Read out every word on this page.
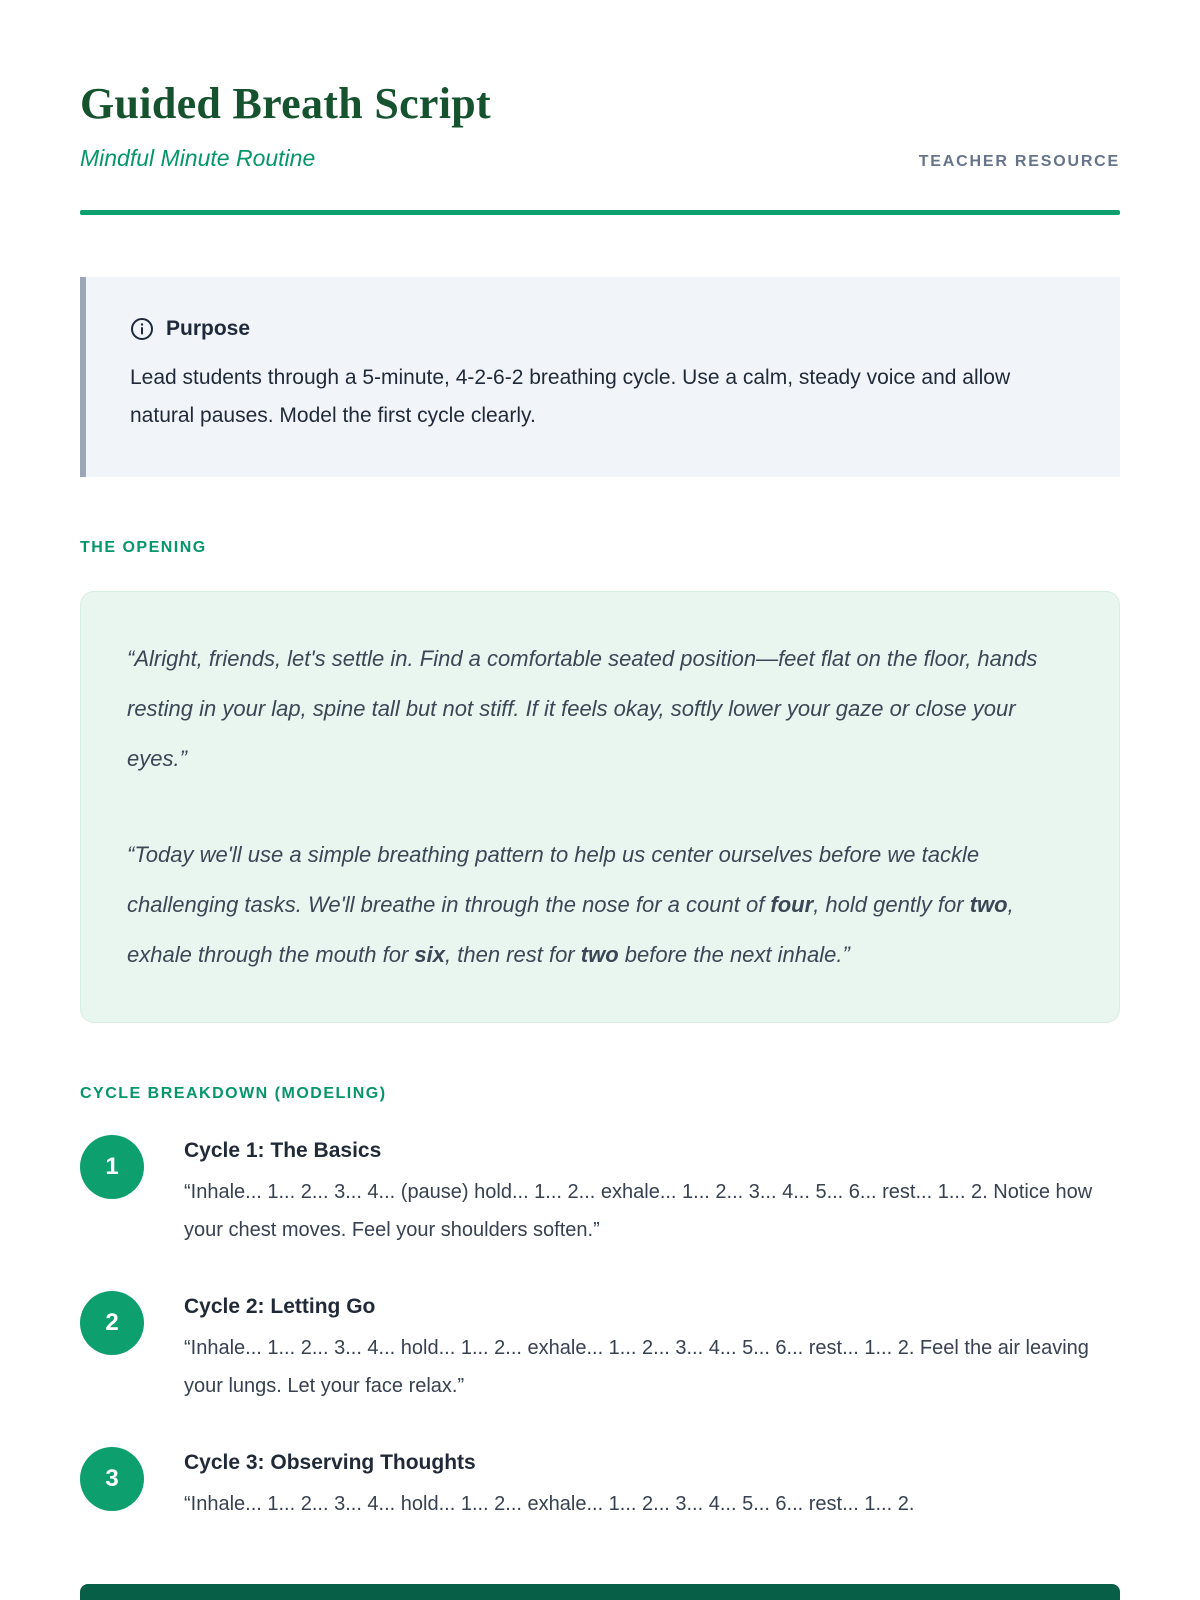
Guided Breath Script
Mindful Minute Routine	TEACHER RESOURCE
Purpose
Lead students through a 5-minute, 4-2-6-2 breathing cycle. Use a calm, steady voice and allow natural pauses. Model the first cycle clearly.
THE OPENING

“Alright, friends, let's settle in. Find a comfortable seated position—feet flat on the floor, hands resting in your lap, spine tall but not stiff. If it feels okay, softly lower your gaze or close your eyes.”

“Today we'll use a simple breathing pattern to help us center ourselves before we tackle challenging tasks. We'll breathe in through the nose for a count of four, hold gently for two, exhale through the mouth for six, then rest for two before the next inhale.”

CYCLE BREAKDOWN (MODELING)
1
Cycle 1: The Basics
“Inhale... 1... 2... 3... 4... (pause) hold... 1... 2... exhale... 1... 2... 3... 4... 5... 6... rest... 1... 2. Notice how your chest moves. Feel your shoulders soften.”
2
Cycle 2: Letting Go
“Inhale... 1... 2... 3... 4... hold... 1... 2... exhale... 1... 2... 3... 4... 5... 6... rest... 1... 2. Feel the air leaving your lungs. Let your face relax.”
3
Cycle 3: Observing Thoughts
“Inhale... 1... 2... 3... 4... hold... 1... 2... exhale... 1... 2... 3... 4... 5... 6... rest... 1... 2.
